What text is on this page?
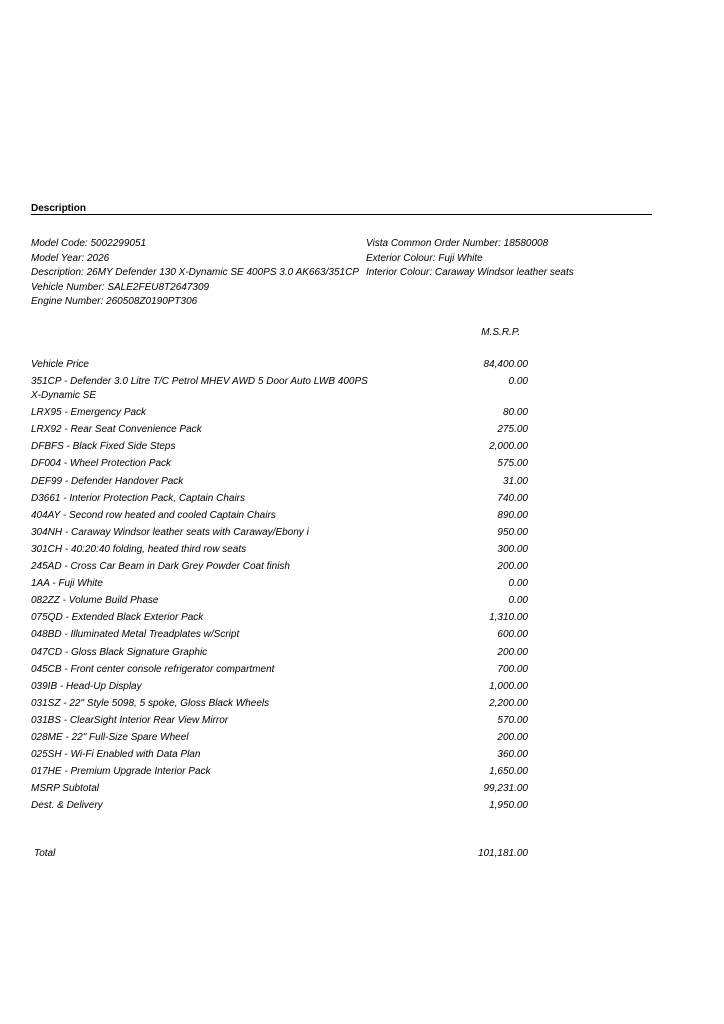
Description
Model Code: 5002299051
Model Year: 2026
Description: 26MY Defender 130 X-Dynamic SE 400PS 3.0 AK663/351CP
Vehicle Number: SALE2FEU8T2647309
Engine Number: 260508Z0190PT306
Vista Common Order Number: 18580008
Exterior Colour: Fuji White
Interior Colour: Caraway Windsor leather seats
M.S.R.P.
Vehicle Price	84,400.00
351CP - Defender 3.0 Litre T/C Petrol MHEV AWD 5 Door Auto LWB 400PS X-Dynamic SE
0.00
LRX95 - Emergency Pack	80.00
LRX92 - Rear Seat Convenience Pack	275.00
DFBFS - Black Fixed Side Steps	2,000.00
DF004 - Wheel Protection Pack	575.00
DEF99 - Defender Handover Pack	31.00
D3661 - Interior Protection Pack, Captain Chairs	740.00
404AY - Second row heated and cooled Captain Chairs	890.00
304NH - Caraway Windsor leather seats with Caraway/Ebony i	950.00
301CH - 40:20:40 folding, heated third row seats	300.00
245AD - Cross Car Beam in Dark Grey Powder Coat finish	200.00
1AA - Fuji White	0.00
082ZZ - Volume Build Phase	0.00
075QD - Extended Black Exterior Pack	1,310.00
048BD - Illuminated Metal Treadplates w/Script	600.00
047CD - Gloss Black Signature Graphic	200.00
045CB - Front center console refrigerator compartment	700.00
039IB - Head-Up Display	1,000.00
031SZ - 22" Style 5098, 5 spoke, Gloss Black Wheels	2,200.00
031BS - ClearSight Interior Rear View Mirror	570.00
028ME - 22" Full-Size Spare Wheel	200.00
025SH - Wi-Fi Enabled with Data Plan	360.00
017HE - Premium Upgrade Interior Pack	1,650.00
MSRP Subtotal	99,231.00
Dest. & Delivery	1,950.00
Total	101,181.00
